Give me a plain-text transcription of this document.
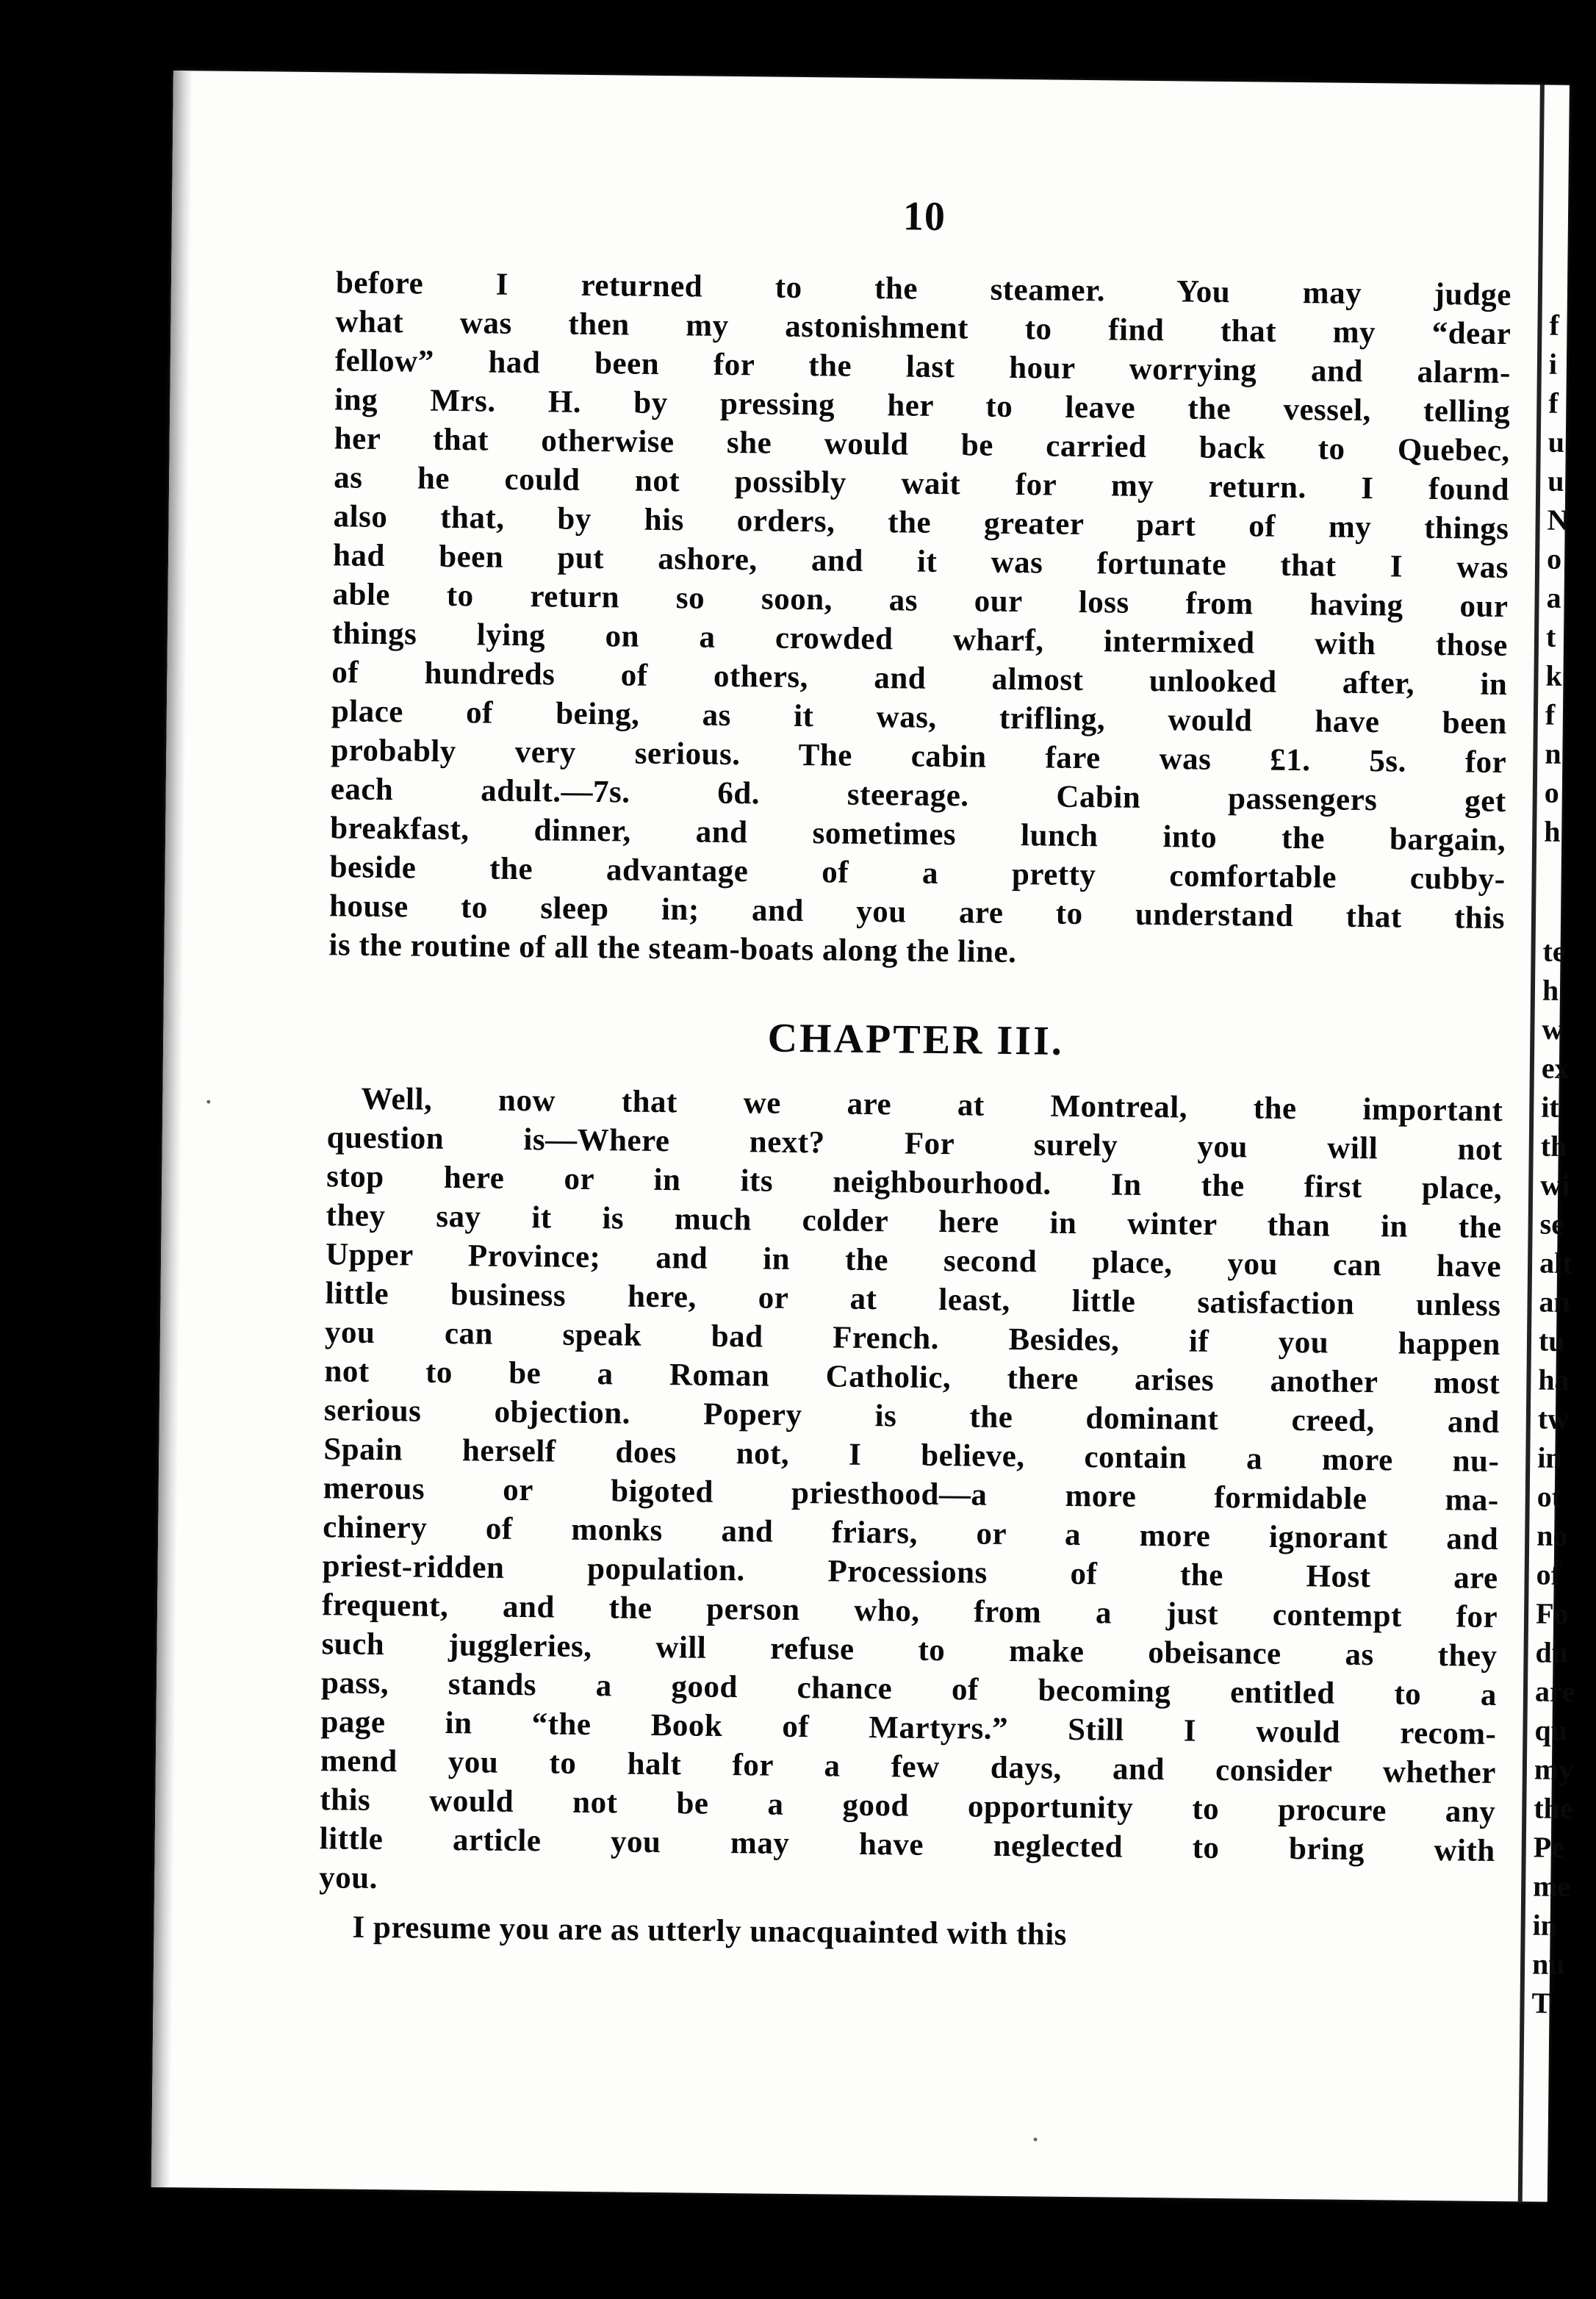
10
before I returned to the steamer. You may judge
what was then my astonishment to find that my “dear
fellow” had been for the last hour worrying and alarm-
ing Mrs. H. by pressing her to leave the vessel, telling
her that otherwise she would be carried back to Quebec,
as he could not possibly wait for my return. I found
also that, by his orders, the greater part of my things
had been put ashore, and it was fortunate that I was
able to return so soon, as our loss from having our
things lying on a crowded wharf, intermixed with those
of hundreds of others, and almost unlooked after, in
place of being, as it was, trifling, would have been
probably very serious. The cabin fare was £1. 5s. for
each adult.—7s. 6d. steerage. Cabin passengers get
breakfast, dinner, and sometimes lunch into the bargain,
beside the advantage of a pretty comfortable cubby-
house to sleep in; and you are to understand that this
is the routine of all the steam-boats along the line.
CHAPTER III.
Well, now that we are at Montreal, the important
question is—Where next? For surely you will not
stop here or in its neighbourhood. In the first place,
they say it is much colder here in winter than in the
Upper Province; and in the second place, you can have
little business here, or at least, little satisfaction unless
you can speak bad French. Besides, if you happen
not to be a Roman Catholic, there arises another most
serious objection. Popery is the dominant creed, and
Spain herself does not, I believe, contain a more nu-
merous or bigoted priesthood—a more formidable ma-
chinery of monks and friars, or a more ignorant and
priest-ridden population. Processions of the Host are
frequent, and the person who, from a just contempt for
such juggleries, will refuse to make obeisance as they
pass, stands a good chance of becoming entitled to a
page in “the Book of Martyrs.” Still I would recom-
mend you to halt for a few days, and consider whether
this would not be a good opportunity to procure any
little article you may have neglected to bring with
you.
I presume you are as utterly unacquainted with this
f
i
f
u
u
N
o
a
t
k
f
n
o
h
te
h
w
ex
it
th
wi
se
alt
an
tu
ha
tw
in
ot
no
of
Fo
du
are
qu
my
the
Pe
me
in
nu
T
